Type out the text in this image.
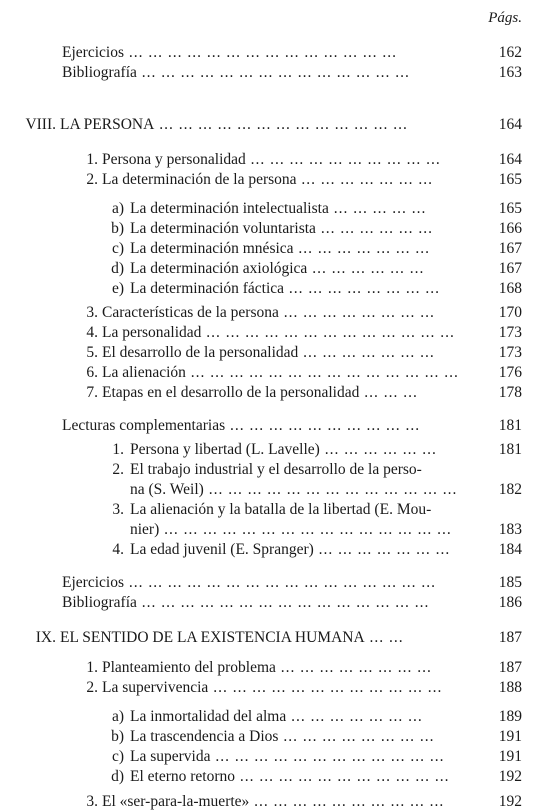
Págs.
Ejercicios ... ... ... ... ... ... ... ... ... ... ... ... ... ...	162
Bibliografía ... ... ... ... ... ... ... ... ... ... ... ... ... ...	163
VIII. LA PERSONA ... ... ... ... ... ... ... ... ... ... ... ... ...	164
1. Persona y personalidad ... ... ... ... ... ... ... ... ... ...	164
2. La determinación de la persona ... ... ... ... ... ... ...	165
a) La determinación intelectualista ... ... ... ... ...	165
b) La determinación voluntarista ... ... ... ... ... ...	166
c) La determinación mnésica ... ... ... ... ... ... ...	167
d) La determinación axiológica ... ... ... ... ... ...	167
e) La determinación fáctica ... ... ... ... ... ... ... ...	168
3. Características de la persona ... ... ... ... ... ... ... ...	170
4. La personalidad ... ... ... ... ... ... ... ... ... ... ... ... ...	173
5. El desarrollo de la personalidad ... ... ... ... ... ... ...	173
6. La alienación ... ... ... ... ... ... ... ... ... ... ... ... ... ...	176
7. Etapas en el desarrollo de la personalidad ... ... ...	178
Lecturas complementarias ... ... ... ... ... ... ... ... ... ...	181
1. Persona y libertad (L. Lavelle) ... ... ... ... ... ...	181
2. El trabajo industrial y el desarrollo de la perso-
na (S. Weil) ... ... ... ... ... ... ... ... ... ... ... ... ...	182
3. La alienación y la batalla de la libertad (E. Mou-
nier) ... ... ... ... ... ... ... ... ... ... ... ... ... ... ...	183
4. La edad juvenil (E. Spranger) ... ... ... ... ... ... ...	184
Ejercicios ... ... ... ... ... ... ... ... ... ... ... ... ... ... ... ...	185
Bibliografía ... ... ... ... ... ... ... ... ... ... ... ... ... ... ...	186
IX. EL SENTIDO DE LA EXISTENCIA HUMANA ... ...	187
1. Planteamiento del problema ... ... ... ... ... ... ... ...	187
2. La supervivencia ... ... ... ... ... ... ... ... ... ... ... ...	188
a) La inmortalidad del alma ... ... ... ... ... ... ...	189
b) La trascendencia a Dios ... ... ... ... ... ... ... ...	191
c) La supervida ... ... ... ... ... ... ... ... ... ... ... ...	191
d) El eterno retorno ... ... ... ... ... ... ... ... ... ... ...	192
3. El «ser-para-la-muerte» ... ... ... ... ... ... ... ... ... ...	192
